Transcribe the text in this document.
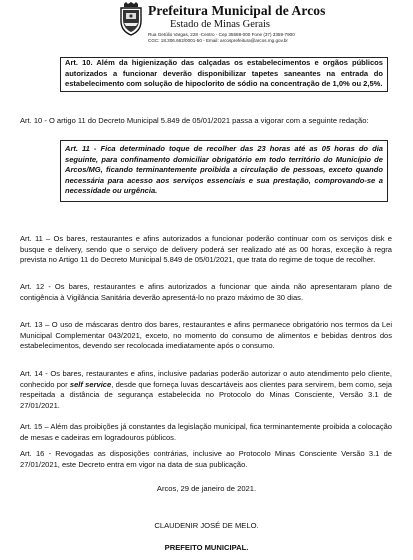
Prefeitura Municipal de Arcos
Estado de Minas Gerais
Rua Getúlio Vargas, 228 -Centro - Cep 35588-000 Fone (37) 3359-7900
CGC: 18.306.662/0001-50 - Email: arcosprefeitura@arcos.mg.gov.br
Art. 10. Além da higienização das calçadas os estabelecimentos e orgãos públicos autorizados a funcionar deverão disponibilizar tapetes saneantes na entrada do estabelecimento com solução de hipoclorito de sódio na concentração de 1,0% ou 2,5%.
Art. 10 - O artigo 11 do Decreto Municipal 5.849 de 05/01/2021 passa a vigorar com a seguinte redação:
Art. 11 - Fica determinado toque de recolher das 23 horas até as 05 horas do dia seguinte, para confinamento domiciliar obrigatório em todo território do Município de Arcos/MG, ficando terminantemente proibida a circulação de pessoas, exceto quando necessária para acesso aos serviços essenciais e sua prestação, comprovando-se a necessidade ou urgência.
Art. 11 – Os bares, restaurantes e afins autorizados a funcionar poderão continuar com os serviços disk e busque e delivery, sendo que o serviço de delivery poderá ser realizado até as 00 horas, exceção à regra prevista no Artigo 11 do Decreto Municipal 5.849 de 05/01/2021, que trata do regime de toque de recolher.
Art. 12 - Os bares, restaurantes e afins autorizados a funcionar que ainda não apresentaram plano de contigência à Vigilância Sanitária deverão apresentá-lo no prazo máximo de 30 dias.
Art. 13 – O uso de máscaras dentro dos bares, restaurantes e afins permanece obrigatório nos termos da Lei Municipal Complementar 043/2021, exceto, no momento do consumo de alimentos e bebidas dentros dos estabelecimentos, devendo ser recolocada imediatamente após o consumo.
Art. 14 - Os bares, restaurantes e afins, inclusive padarias poderão autorizar o auto atendimento pelo cliente, conhecido por self service, desde que forneça luvas descartáveis aos clientes para servirem, bem como, seja respeitada a distância de segurança estabelecida no Protocolo do Minas Consciente, Versão 3.1 de 27/01/2021.
Art. 15 – Além das proibições já constantes da legislação municipal, fica terminantemente proibida a colocação de mesas e cadeiras em logradouros públicos.
Art. 16 - Revogadas as disposições contrárias, inclusive ao Protocolo Minas Consciente Versão 3.1 de 27/01/2021, este Decreto entra em vigor na data de sua publicação.
Arcos, 29 de janeiro de 2021.
CLAUDENIR JOSÉ DE MELO.
PREFEITO MUNICIPAL.
